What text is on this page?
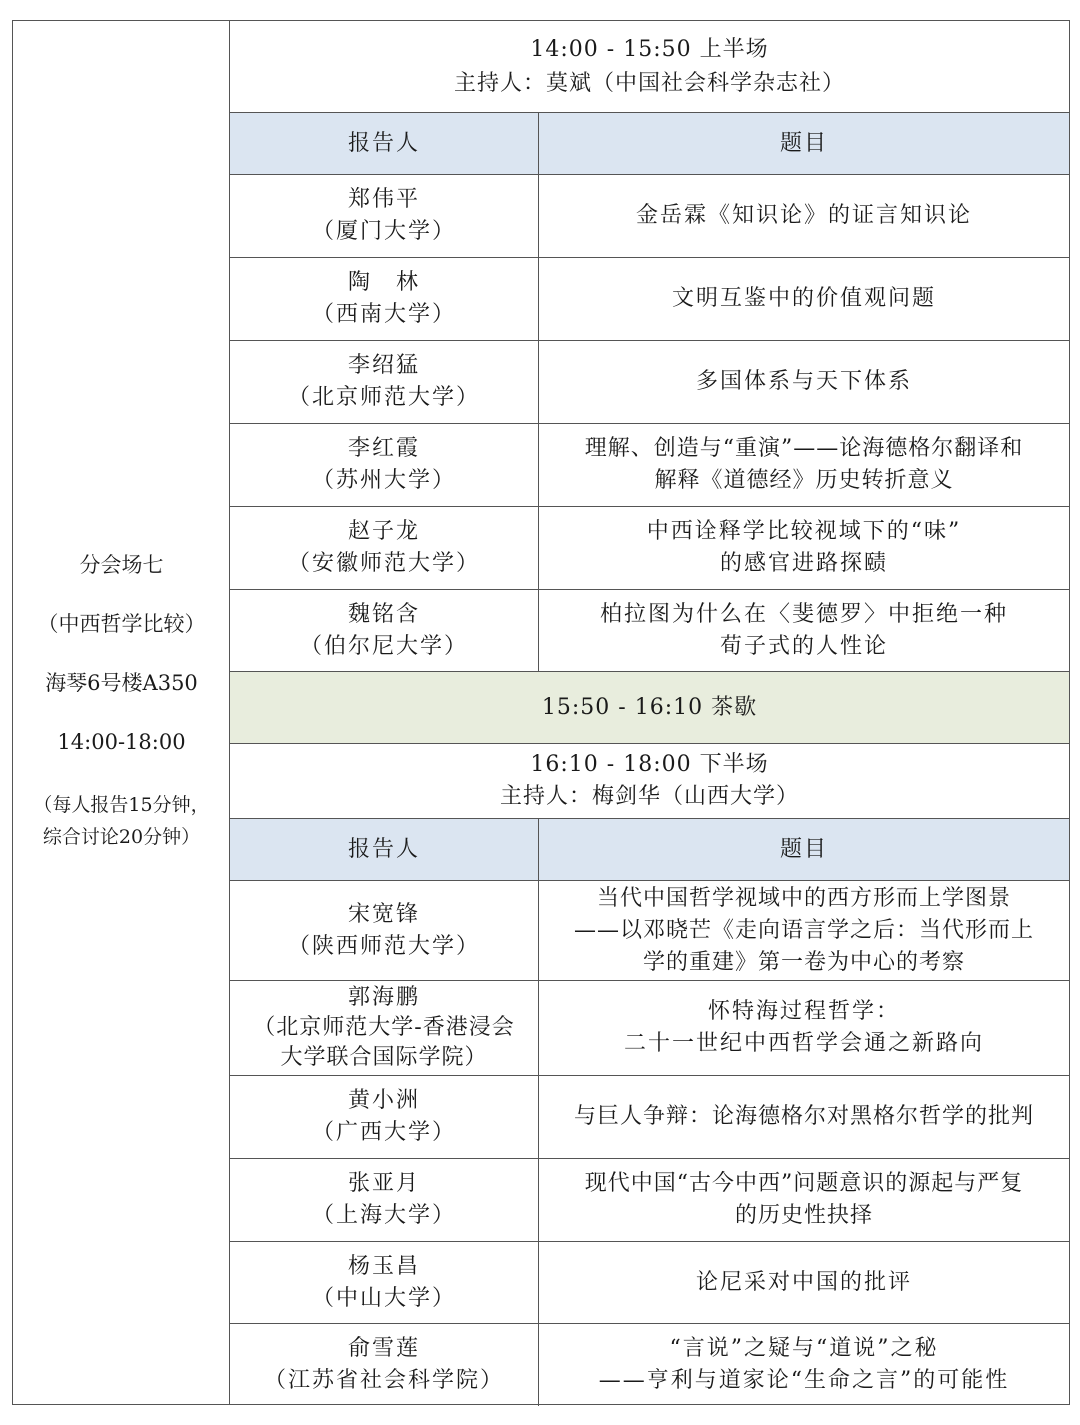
分会场七
（中西哲学比较）
海琴6号楼A350
14:00-18:00
（每人报告15分钟，
综合讨论20分钟）
14:00 - 15:50 上半场
主持人：莫斌（中国社会科学杂志社）
报告人	题目
郑伟平
（厦门大学）
金岳霖《知识论》的证言知识论
陶　林
（西南大学）
文明互鉴中的价值观问题
李绍猛
（北京师范大学）
多国体系与天下体系
李红霞
（苏州大学）
理解、创造与“重演”——论海德格尔翻译和
解释《道德经》历史转折意义
赵子龙
（安徽师范大学）
中西诠释学比较视域下的“味”
的感官进路探赜
魏铭含
（伯尔尼大学）
柏拉图为什么在〈斐德罗〉中拒绝一种
荀子式的人性论
15:50 - 16:10 茶歇
16:10 - 18:00 下半场
主持人：梅剑华（山西大学）
报告人	题目
宋宽锋
（陕西师范大学）
当代中国哲学视域中的西方形而上学图景
——以邓晓芒《走向语言学之后：当代形而上
学的重建》第一卷为中心的考察
郭海鹏
（北京师范大学-香港浸会
大学联合国际学院）
怀特海过程哲学：
二十一世纪中西哲学会通之新路向
黄小洲
（广西大学）
与巨人争辩：论海德格尔对黑格尔哲学的批判
张亚月
（上海大学）
现代中国“古今中西”问题意识的源起与严复
的历史性抉择
杨玉昌
（中山大学）
论尼采对中国的批评
俞雪莲
（江苏省社会科学院）
“言说”之疑与“道说”之秘
——亨利与道家论“生命之言”的可能性
